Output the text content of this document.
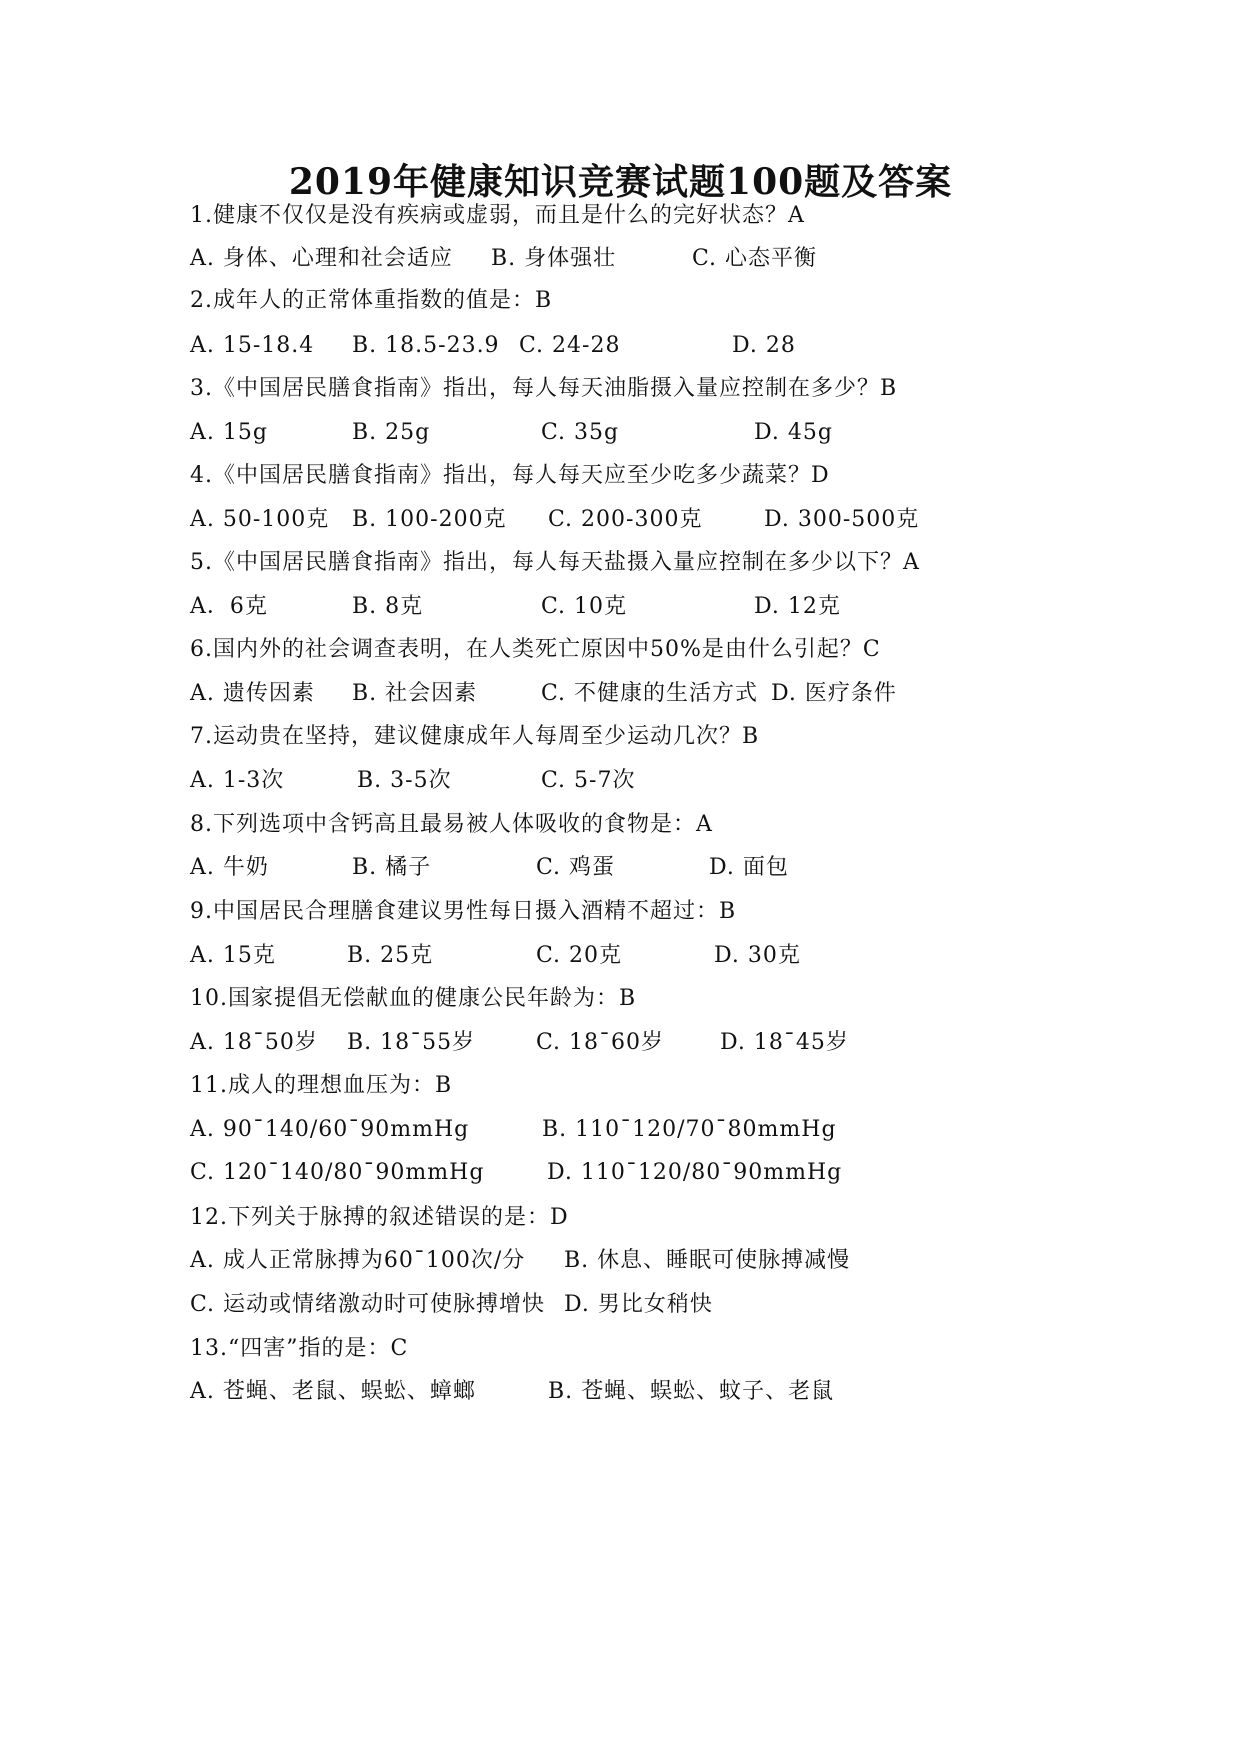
2019年健康知识竞赛试题100题及答案
1.健康不仅仅是没有疾病或虚弱，而且是什么的完好状态？A
A. 身体、心理和社会适应 B. 身体强壮	C. 心态平衡
2.成年人的正常体重指数的值是：B
A. 15-18.4 B. 18.5-23.9 C. 24-28	D. 28
3.《中国居民膳食指南》指出，每人每天油脂摄入量应控制在多少？B
A. 15g	B. 25g	C. 35g	D. 45g
4.《中国居民膳食指南》指出，每人每天应至少吃多少蔬菜？D
A. 50-100克 B. 100-200克 C. 200-300克	D. 300-500克
5.《中国居民膳食指南》指出，每人每天盐摄入量应控制在多少以下？A
A．6克	B. 8克	C. 10克	D. 12克
6.国内外的社会调查表明，在人类死亡原因中50%是由什么引起？C
A. 遗传因素 B. 社会因素	C. 不健康的生活方式 D. 医疗条件
7.运动贵在坚持，建议健康成年人每周至少运动几次？B
A. 1-3次	B. 3-5次	C. 5-7次
8.下列选项中含钙高且最易被人体吸收的食物是：A
A. 牛奶	B. 橘子	C. 鸡蛋	D. 面包
9.中国居民合理膳食建议男性每日摄入酒精不超过：B
A. 15克	B. 25克	C. 20克	D. 30克
10.国家提倡无偿献血的健康公民年龄为：B
A. 18¯50岁 B. 18¯55岁	C. 18¯60岁	D. 18¯45岁
11.成人的理想血压为：B
A. 90¯140/60¯90mmHg	B. 110¯120/70¯80mmHg
C. 120¯140/80¯90mmHg	D. 110¯120/80¯90mmHg
12.下列关于脉搏的叙述错误的是：D
A. 成人正常脉搏为60¯100次/分 B. 休息、睡眠可使脉搏减慢
C. 运动或情绪激动时可使脉搏增快 D. 男比女稍快
13.“四害”指的是：C
A. 苍蝇、老鼠、蜈蚣、蟑螂	B. 苍蝇、蜈蚣、蚊子、老鼠
